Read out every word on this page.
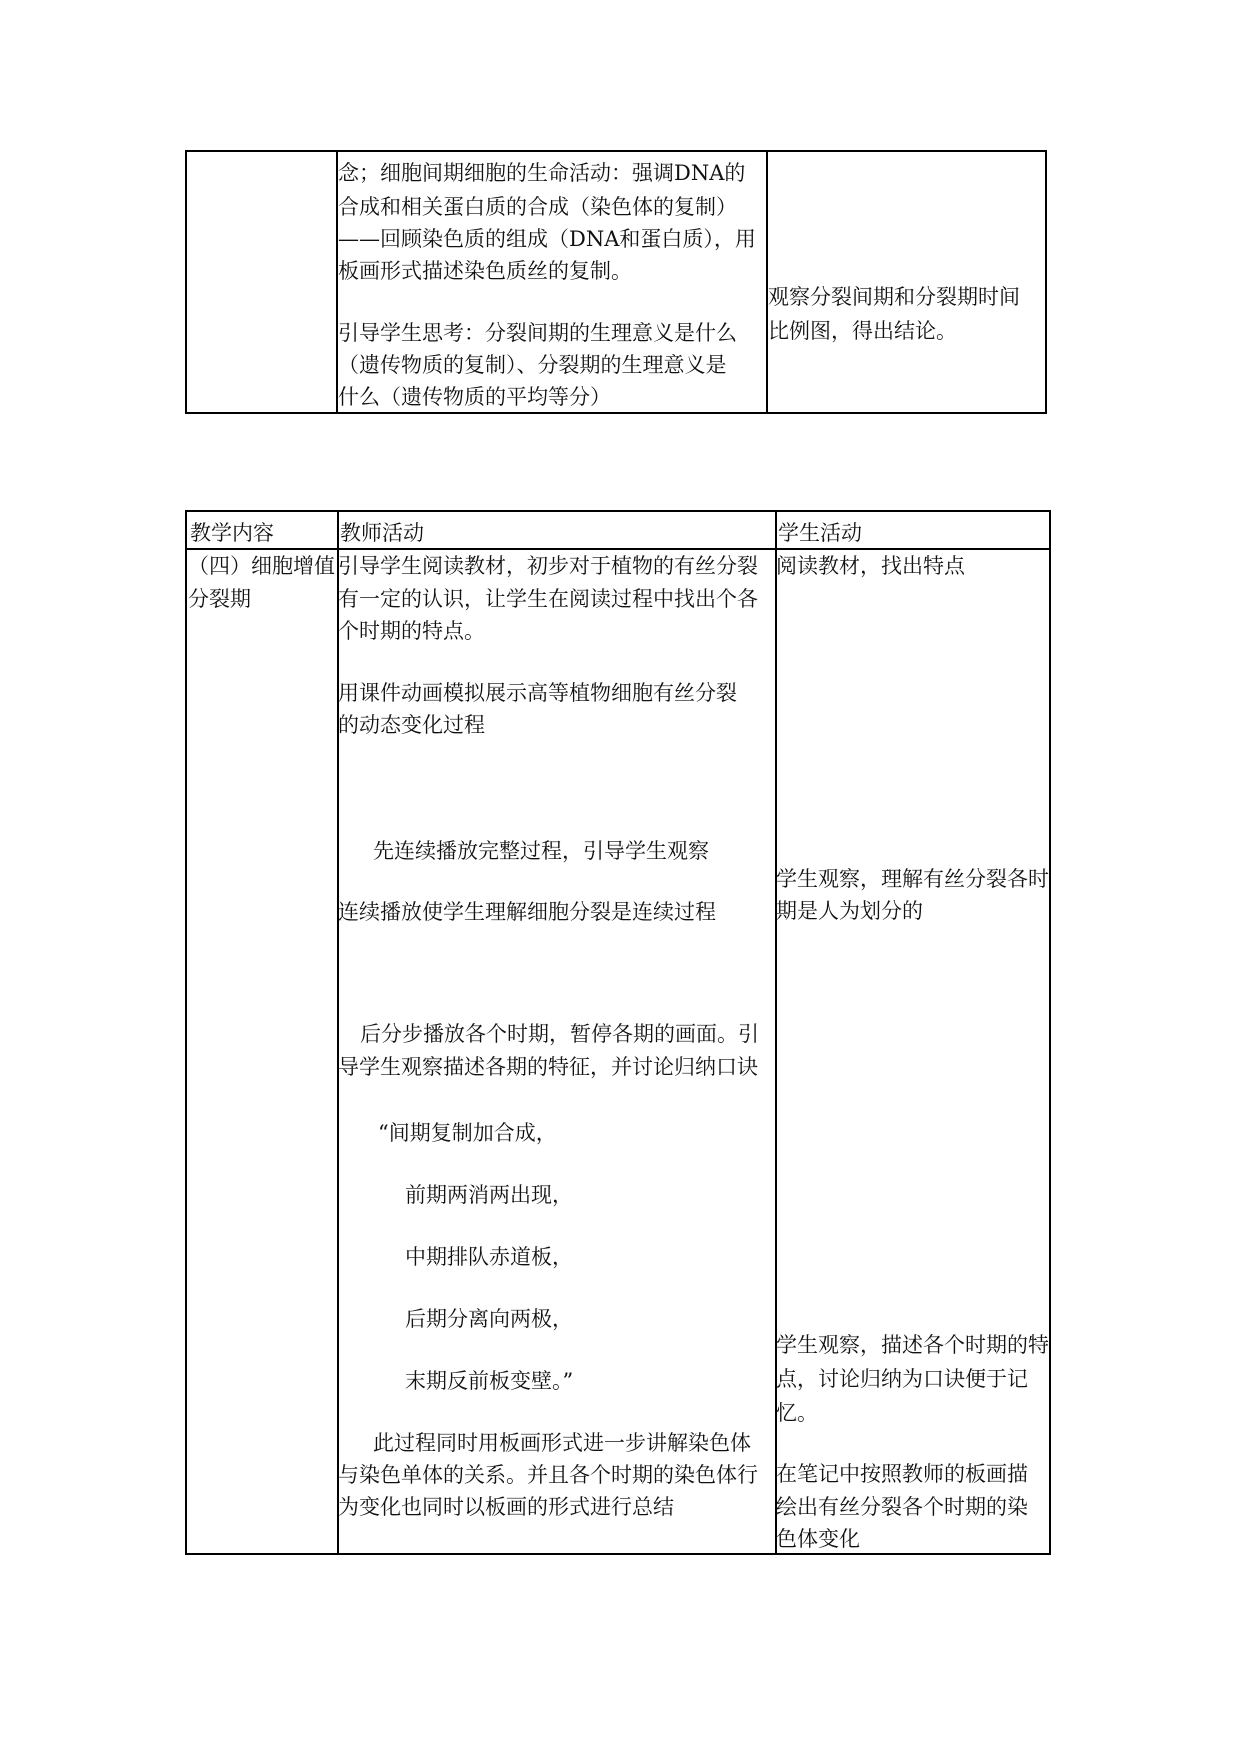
念；细胞间期细胞的生命活动：强调DNA的

合成和相关蛋白质的合成（染色体的复制）

——回顾染色质的组成（DNA和蛋白质），用

板画形式描述染色质丝的复制。

引导学生思考：分裂间期的生理意义是什么

（遗传物质的复制）、分裂期的生理意义是

什么（遗传物质的平均等分）

观察分裂间期和分裂期时间

比例图，得出结论。

教学内容	教师活动	学生活动

（四）细胞增值

分裂期

引导学生阅读教材，初步对于植物的有丝分裂

有一定的认识，让学生在阅读过程中找出个各

个时期的特点。

用课件动画模拟展示高等植物细胞有丝分裂

的动态变化过程

先连续播放完整过程，引导学生观察

连续播放使学生理解细胞分裂是连续过程

后分步播放各个时期，暂停各期的画面。引

导学生观察描述各期的特征，并讨论归纳口诀

“间期复制加合成，

前期两消两出现，

中期排队赤道板，

后期分离向两极，

末期反前板变壁。”

此过程同时用板画形式进一步讲解染色体

与染色单体的关系。并且各个时期的染色体行

为变化也同时以板画的形式进行总结

阅读教材，找出特点

学生观察，理解有丝分裂各时

期是人为划分的

学生观察，描述各个时期的特

点，讨论归纳为口诀便于记

忆。

在笔记中按照教师的板画描

绘出有丝分裂各个时期的染

色体变化
